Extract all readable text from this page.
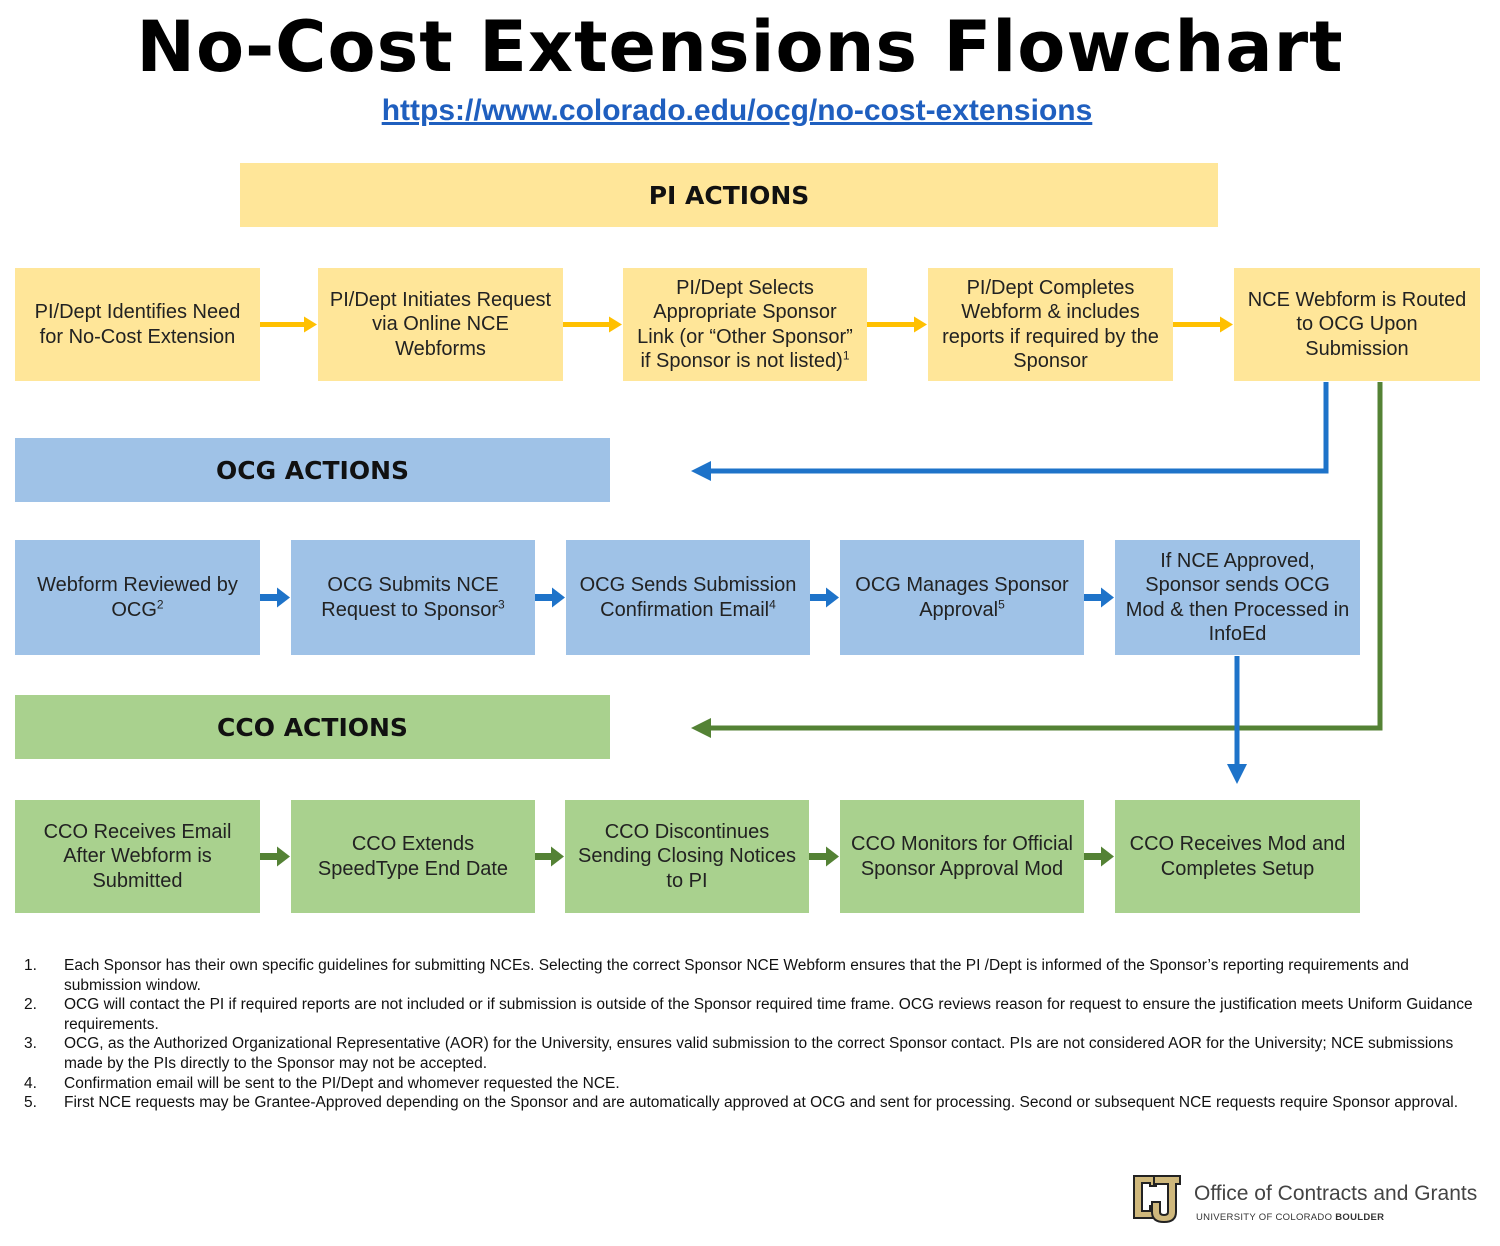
No-Cost Extensions Flowchart
https://www.colorado.edu/ocg/no-cost-extensions
PI ACTIONS
OCG ACTIONS
CCO ACTIONS
PI/Dept Identifies Need
for No-Cost Extension
PI/Dept Initiates Request
via Online NCE
Webforms
PI/Dept Selects
Appropriate Sponsor
Link (or “Other Sponsor”
if Sponsor is not listed)$^1$
PI/Dept Completes
Webform & includes
reports if required by the
Sponsor
NCE Webform is Routed
to OCG Upon
Submission
Webform Reviewed by
OCG$^2$
OCG Submits NCE
Request to Sponsor$^3$
OCG Sends Submission
Confirmation Email$^4$
OCG Manages Sponsor
Approval$^5$
If NCE Approved,
Sponsor sends OCG
Mod & then Processed in
InfoEd
CCO Receives Email
After Webform is
Submitted
CCO Extends
SpeedType End Date
CCO Discontinues
Sending Closing Notices
to PI
CCO Monitors for Official
Sponsor Approval Mod
CCO Receives Mod and
Completes Setup
1. Each Sponsor has their own specific guidelines for submitting NCEs. Selecting the correct Sponsor NCE Webform ensures that the PI /Dept is informed of the Sponsor’s reporting requirements and submission window.
2. OCG will contact the PI if required reports are not included or if submission is outside of the Sponsor required time frame. OCG reviews reason for request to ensure the justification meets Uniform Guidance requirements.
3. OCG, as the Authorized Organizational Representative (AOR) for the University, ensures valid submission to the correct Sponsor contact. PIs are not considered AOR for the University; NCE submissions made by the PIs directly to the Sponsor may not be accepted.
4. Confirmation email will be sent to the PI/Dept and whomever requested the NCE.
5. First NCE requests may be Grantee-Approved depending on the Sponsor and are automatically approved at OCG and sent for processing. Second or subsequent NCE requests require Sponsor approval.
Office of Contracts and Grants
UNIVERSITY OF COLORADO BOULDER
